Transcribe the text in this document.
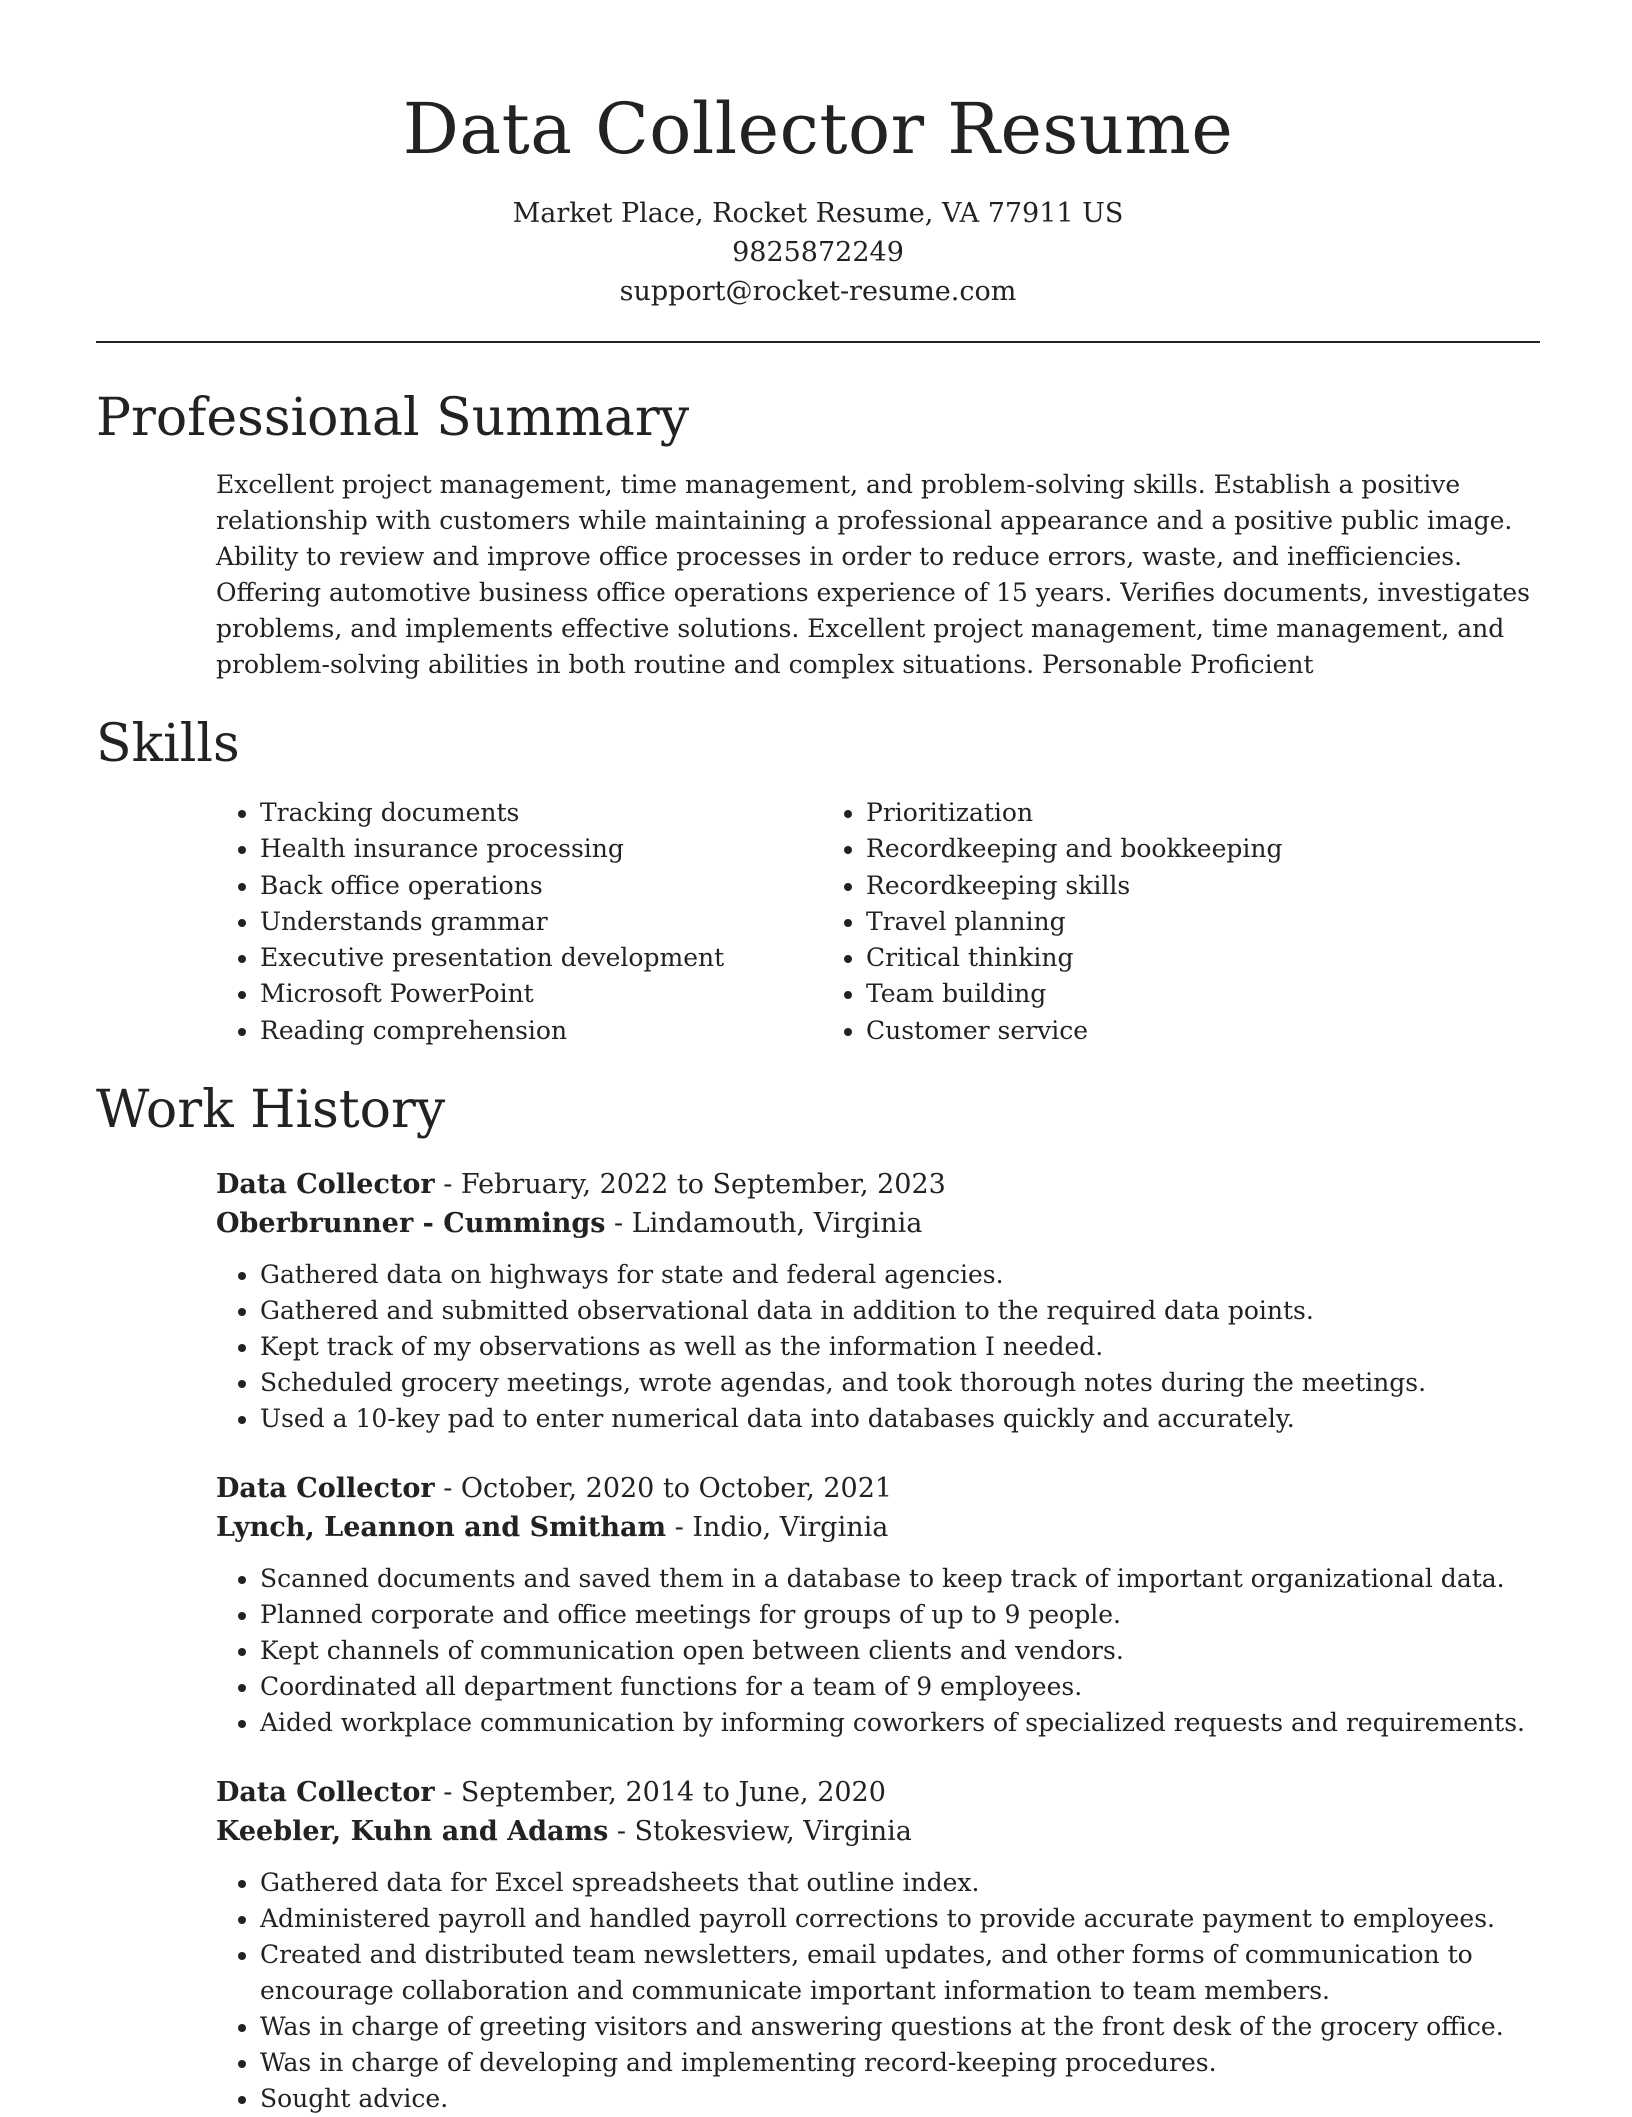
Data Collector Resume
Market Place, Rocket Resume, VA 77911 US
9825872249
support@rocket-resume.com
Professional Summary
Excellent project management, time management, and problem-solving skills. Establish a positive relationship with customers while maintaining a professional appearance and a positive public image. Ability to review and improve office processes in order to reduce errors, waste, and inefficiencies. Offering automotive business office operations experience of 15 years. Verifies documents, investigates problems, and implements effective solutions. Excellent project management, time management, and problem-solving abilities in both routine and complex situations. Personable Proficient
Skills
• Tracking documents
• Health insurance processing
• Back office operations
• Understands grammar
• Executive presentation development
• Microsoft PowerPoint
• Reading comprehension
• Prioritization
• Recordkeeping and bookkeeping
• Recordkeeping skills
• Travel planning
• Critical thinking
• Team building
• Customer service
Work History
Data Collector - February, 2022 to September, 2023
Oberbrunner - Cummings - Lindamouth, Virginia
• Gathered data on highways for state and federal agencies.
• Gathered and submitted observational data in addition to the required data points.
• Kept track of my observations as well as the information I needed.
• Scheduled grocery meetings, wrote agendas, and took thorough notes during the meetings.
• Used a 10-key pad to enter numerical data into databases quickly and accurately.
Data Collector - October, 2020 to October, 2021
Lynch, Leannon and Smitham - Indio, Virginia
• Scanned documents and saved them in a database to keep track of important organizational data.
• Planned corporate and office meetings for groups of up to 9 people.
• Kept channels of communication open between clients and vendors.
• Coordinated all department functions for a team of 9 employees.
• Aided workplace communication by informing coworkers of specialized requests and requirements.
Data Collector - September, 2014 to June, 2020
Keebler, Kuhn and Adams - Stokesview, Virginia
• Gathered data for Excel spreadsheets that outline index.
• Administered payroll and handled payroll corrections to provide accurate payment to employees.
• Created and distributed team newsletters, email updates, and other forms of communication to encourage collaboration and communicate important information to team members.
• Was in charge of greeting visitors and answering questions at the front desk of the grocery office.
• Was in charge of developing and implementing record-keeping procedures.
• Sought advice.
